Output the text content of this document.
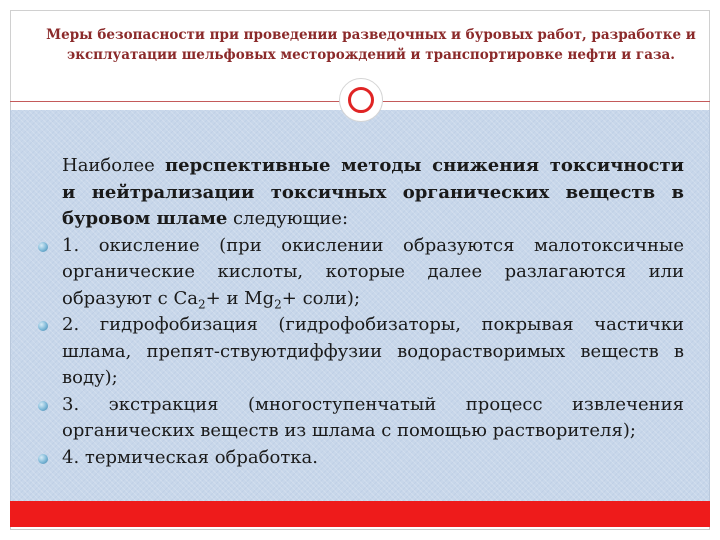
Меры безопасности при проведении разведочных и буровых работ, разработке и эксплуатации шельфовых месторождений и транспортировке нефти и газа.
Наиболее перспективные методы снижения токсичности и нейтрализации токсичных органических веществ в буровом шламе следующие:
1. окисление (при окислении образуются малотоксичные органические кислоты, которые далее разлагаются или образуют с $Ca_2+ и$ $Mg_2+$ соли);
2. гидрофобизация (гидрофобизаторы, покрывая частички шлама, препят-ствуютдиффузии водорастворимых веществ в воду);
3. экстракция (многоступенчатый процесс извлечения органических веществ из шлама с помощью растворителя);
4. термическая обработка.
